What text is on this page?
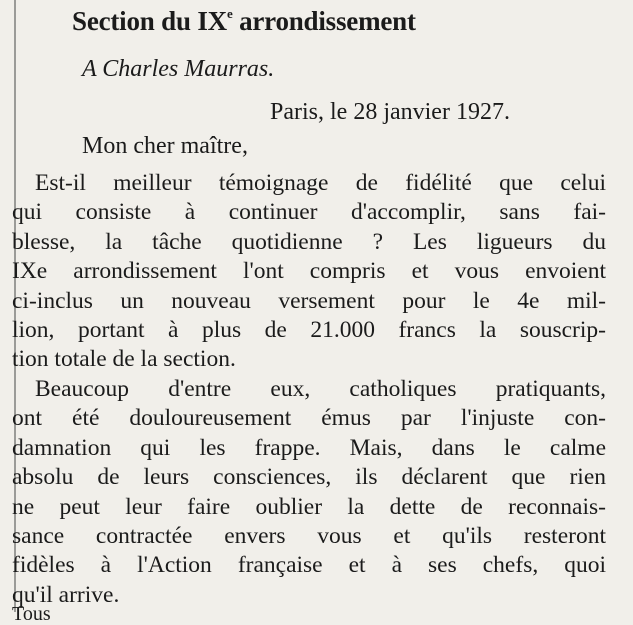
Section du IXe arrondissement

A Charles Maurras.

Paris, le 28 janvier 1927.

Mon cher maître,

Est-il meilleur témoignage de fidélité que celui
qui consiste à continuer d'accomplir, sans fai-
blesse, la tâche quotidienne ? Les ligueurs du
IXe arrondissement l'ont compris et vous envoient
ci-inclus un nouveau versement pour le 4e mil-
lion, portant à plus de 21.000 francs la souscrip-
tion totale de la section.
Beaucoup d'entre eux, catholiques pratiquants,
ont été douloureusement émus par l'injuste con-
damnation qui les frappe. Mais, dans le calme
absolu de leurs consciences, ils déclarent que rien
ne peut leur faire oublier la dette de reconnais-
sance contractée envers vous et qu'ils resteront
fidèles à l'Action française et à ses chefs, quoi
qu'il arrive.
Tous
